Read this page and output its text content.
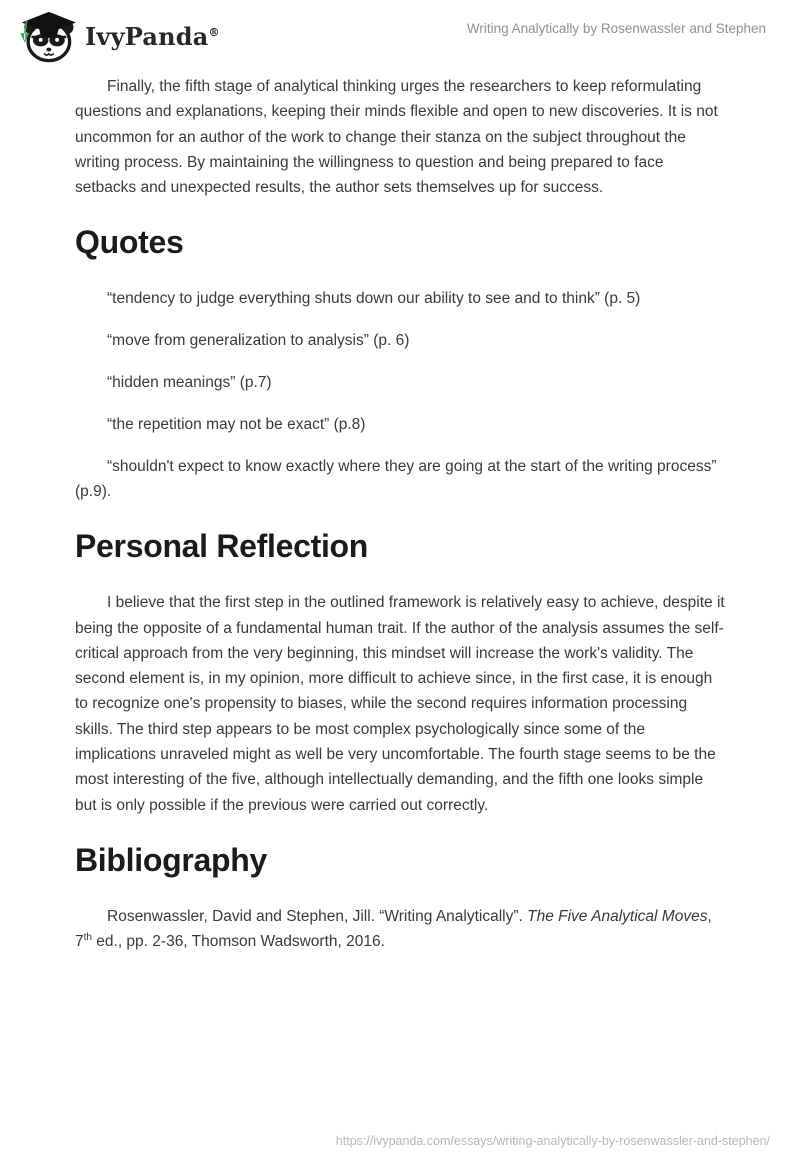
IvyPanda®	Writing Analytically by Rosenwassler and Stephen

Finally, the fifth stage of analytical thinking urges the researchers to keep reformulating questions and explanations, keeping their minds flexible and open to new discoveries. It is not uncommon for an author of the work to change their stanza on the subject throughout the writing process. By maintaining the willingness to question and being prepared to face setbacks and unexpected results, the author sets themselves up for success.

Quotes

“tendency to judge everything shuts down our ability to see and to think” (p. 5)

“move from generalization to analysis” (p. 6)

“hidden meanings” (p.7)

“the repetition may not be exact” (p.8)

“shouldn't expect to know exactly where they are going at the start of the writing process” (p.9).

Personal Reflection

I believe that the first step in the outlined framework is relatively easy to achieve, despite it being the opposite of a fundamental human trait. If the author of the analysis assumes the self-critical approach from the very beginning, this mindset will increase the work's validity. The second element is, in my opinion, more difficult to achieve since, in the first case, it is enough to recognize one's propensity to biases, while the second requires information processing skills. The third step appears to be most complex psychologically since some of the implications unraveled might as well be very uncomfortable. The fourth stage seems to be the most interesting of the five, although intellectually demanding, and the fifth one looks simple but is only possible if the previous were carried out correctly.

Bibliography

Rosenwassler, David and Stephen, Jill. “Writing Analytically”. The Five Analytical Moves, 7th ed., pp. 2-36, Thomson Wadsworth, 2016.

https://ivypanda.com/essays/writing-analytically-by-rosenwassler-and-stephen/
